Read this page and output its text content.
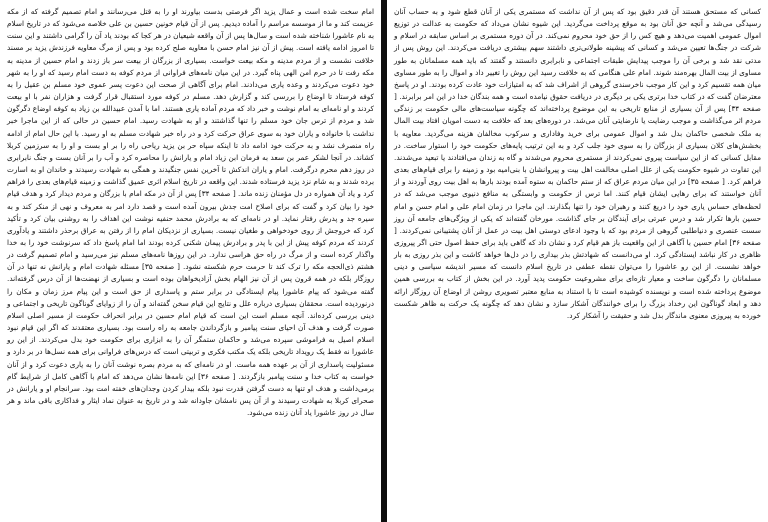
امام سخت شده است و عمال یزید اگر فرصتی بدست بیاورند او را به قتل می‌رسانند و امام تصمیم گرفته که از مکه عزیمت کند و ما از موسسه مراسم را آماده دیدیم. پس از آن قیام خونین حسین بن علی خلاصه می‌شود که در تاریخ اسلام به نام عاشورا شناخته شده است و سال‌ها پس از آن واقعه شیعیان در هر کجا که بودند یاد آن را گرامی داشتند و این سنت تا امروز ادامه یافته است. پیش از آن نیز امام حسن با معاویه صلح کرده بود و پس از مرگ معاویه فرزندش یزید بر مسند خلافت نشست و از مردم مدینه و مکه بیعت خواست. بسیاری از بزرگان از بیعت سر باز زدند و امام حسین از مدینه به مکه رفت تا در حرم امن الهی پناه گیرد. در این میان نامه‌های فراوانی از مردم کوفه به دست امام رسید که او را به شهر خود دعوت می‌کردند و وعده یاری می‌دادند. امام برای آگاهی از صحت این دعوت پسر عموی خود مسلم بن عقیل را به کوفه فرستاد تا اوضاع را بررسی کند و گزارش دهد. مسلم در کوفه مورد استقبال قرار گرفت و هزاران نفر با او بیعت کردند و او نامه‌ای به امام نوشت و خبر داد که مردم آماده یاری هستند. اما با آمدن عبیدالله بن زیاد به کوفه اوضاع دگرگون شد و مردم از ترس جان خود مسلم را تنها گذاشتند و او به شهادت رسید. امام حسین در حالی که از این ماجرا خبر نداشت با خانواده و یاران خود به سوی عراق حرکت کرد و در راه خبر شهادت مسلم به او رسید. با این حال امام از ادامه راه منصرف نشد و به حرکت خود ادامه داد تا اینکه سپاه حر بن یزید ریاحی راه را بر او بست و او را به سرزمین کربلا کشاند. در آنجا لشکر عمر بن سعد به فرمان ابن زیاد امام و یارانش را محاصره کرد و آب را بر آنان بست و جنگ نابرابری در روز دهم محرم درگرفت. امام و یاران اندکش تا آخرین نفس جنگیدند و همگی به شهادت رسیدند و خاندان او به اسارت برده شدند و به شام نزد یزید فرستاده شدند. این واقعه در تاریخ اسلام اثری عمیق گذاشت و زمینه قیام‌های بعدی را فراهم کرد و یاد آن همواره در دل مؤمنان زنده ماند. [ صفحه ۳۴] پس از آن در مکه امام با بزرگان و مردم دیدار کرد و هدف قیام خود را بیان کرد و گفت که برای اصلاح امت جدش بیرون آمده است و قصد دارد امر به معروف و نهی از منکر کند و به سیره جد و پدرش رفتار نماید. او در نامه‌ای که به برادرش محمد حنفیه نوشت این اهداف را به روشنی بیان کرد و تأکید کرد که خروجش از روی خودخواهی و طغیان نیست. بسیاری از نزدیکان امام را از رفتن به عراق برحذر داشتند و یادآوری کردند که مردم کوفه پیش از این با پدر و برادرش پیمان شکنی کرده بودند اما امام پاسخ داد که سرنوشت خود را به خدا واگذار کرده است و از مرگ در راه حق هراسی ندارد. در این روزها نامه‌های مسلم نیز می‌رسید و امام تصمیم گرفت در هشتم ذی‌الحجه مکه را ترک کند تا حرمت حرم شکسته نشود. [ صفحه ۳۵] مسئله شهادت امام و یارانش نه تنها در آن روزگار بلکه در همه قرون پس از آن نیز الهام بخش آزادیخواهان بوده است و بسیاری از نهضت‌ها از آن درس گرفته‌اند. گفته می‌شود که پیام عاشورا پیام ایستادگی در برابر ستم و پاسداری از حق است و این پیام مرز زمان و مکان را درنوردیده است. محققان بسیاری درباره علل و نتایج این قیام سخن گفته‌اند و آن را از زوایای گوناگون تاریخی و اجتماعی و دینی بررسی کرده‌اند. آنچه مسلم است این است که قیام امام حسین در برابر انحراف حکومت از مسیر اصلی اسلام صورت گرفت و هدف آن احیای سنت پیامبر و بازگرداندن جامعه به راه راست بود. بسیاری معتقدند که اگر این قیام نبود اسلام اصیل به فراموشی سپرده می‌شد و حاکمان ستمگر آن را به ابزاری برای حکومت خود بدل می‌کردند. از این رو عاشورا نه فقط یک رویداد تاریخی بلکه یک مکتب فکری و تربیتی است که درس‌های فراوانی برای همه نسل‌ها در بر دارد و مسئولیت پاسداری از آن بر عهده همه ماست. او در نامه‌ای که به مردم بصره نوشت آنان را به یاری دعوت کرد و از آنان خواست به کتاب خدا و سنت پیامبر بازگردند. [ صفحه ۳۶] این نامه‌ها نشان می‌دهد که امام با آگاهی کامل از شرایط گام برمی‌داشت و هدف او تنها به دست گرفتن قدرت نبود بلکه بیدار کردن وجدان‌های خفته امت بود. سرانجام او و یارانش در صحرای کربلا به شهادت رسیدند و از آن پس نامشان جاودانه شد و در تاریخ به عنوان نماد ایثار و فداکاری باقی ماند و هر سال در روز عاشورا یاد آنان زنده می‌شود.

کسانی که مستحق هستند آن قدر دقیق بود که پس از آن نداشت که مستمری یکی از آنان قطع شود و به حساب آنان رسیدگی می‌شد و آنچه حق آنان بود به موقع پرداخت می‌گردید. این شیوه نشان می‌داد که حکومت به عدالت در توزیع اموال عمومی اهمیت می‌دهد و هیچ کس را از حق خود محروم نمی‌کند. در آن دوره مستمری بر اساس سابقه در اسلام و شرکت در جنگ‌ها تعیین می‌شد و کسانی که پیشینه طولانی‌تری داشتند سهم بیشتری دریافت می‌کردند. این روش پس از مدتی نقد شد و برخی آن را موجب پیدایش طبقات اجتماعی و نابرابری دانستند و گفتند که باید همه مسلمانان به طور مساوی از بیت المال بهره‌مند شوند. امام علی هنگامی که به خلافت رسید این روش را تغییر داد و اموال را به طور مساوی میان همه تقسیم کرد و این کار موجب ناخرسندی گروهی از اشراف شد که به امتیازات خود عادت کرده بودند. او در پاسخ معترضان گفت که در کتاب خدا برتری یکی بر دیگری در دریافت حقوق نیامده است و همه بندگان خدا در این امر برابرند. [ صفحه ۳۴] پس از آن بسیاری از منابع تاریخی به این موضوع پرداخته‌اند که چگونه سیاست‌های مالی حکومت بر زندگی مردم اثر می‌گذاشت و موجب رضایت یا نارضایتی آنان می‌شد. در دوره‌های بعد که خلافت به دست امویان افتاد بیت المال به ملک شخصی حاکمان بدل شد و اموال عمومی برای خرید وفاداری و سرکوب مخالفان هزینه می‌گردید. معاویه با بخشش‌های کلان بسیاری از بزرگان را به سوی خود جلب کرد و به این ترتیب پایه‌های حکومت خود را استوار ساخت. در مقابل کسانی که از این سیاست پیروی نمی‌کردند از مستمری محروم می‌شدند و گاه به زندان می‌افتادند یا تبعید می‌شدند. این تفاوت در شیوه حکومت یکی از علل اصلی مخالفت اهل بیت و پیروانشان با بنی‌امیه بود و زمینه را برای قیام‌های بعدی فراهم کرد. [ صفحه ۳۵] در این میان مردم عراق که از ستم حاکمان به ستوه آمده بودند بارها به اهل بیت روی آوردند و از آنان خواستند که برای رهایی ایشان قیام کنند. اما ترس از حکومت و وابستگی به منافع دنیوی موجب می‌شد که در لحظه‌های حساس یاری خود را دریغ کنند و رهبران خود را تنها بگذارند. این ماجرا در زمان امام علی و امام حسن و امام حسین بارها تکرار شد و درس عبرتی برای آیندگان بر جای گذاشت. مورخان گفته‌اند که یکی از ویژگی‌های جامعه آن روز سست عنصری و دنیاطلبی گروهی از مردم بود که با وجود ادعای دوستی اهل بیت در عمل از آنان پشتیبانی نمی‌کردند. [ صفحه ۳۶] امام حسین با آگاهی از این واقعیت باز هم قیام کرد و نشان داد که گاهی باید برای حفظ اصول حتی اگر پیروزی ظاهری در کار نباشد ایستادگی کرد. او می‌دانست که شهادتش بذر بیداری را در دل‌ها خواهد کاشت و این بذر روزی به بار خواهد نشست. از این رو عاشورا را می‌توان نقطه عطفی در تاریخ اسلام دانست که مسیر اندیشه سیاسی و دینی مسلمانان را دگرگون ساخت و معیار تازه‌ای برای مشروعیت حکومت پدید آورد. در این بخش از کتاب به بررسی همین موضوع پرداخته شده است و نویسنده کوشیده است تا با استناد به منابع معتبر تصویری روشن از اوضاع آن روزگار ارائه دهد و ابعاد گوناگون این رخداد بزرگ را برای خوانندگان آشکار سازد و نشان دهد که چگونه یک حرکت به ظاهر شکست خورده به پیروزی معنوی ماندگار بدل شد و حقیقت را آشکار کرد.
